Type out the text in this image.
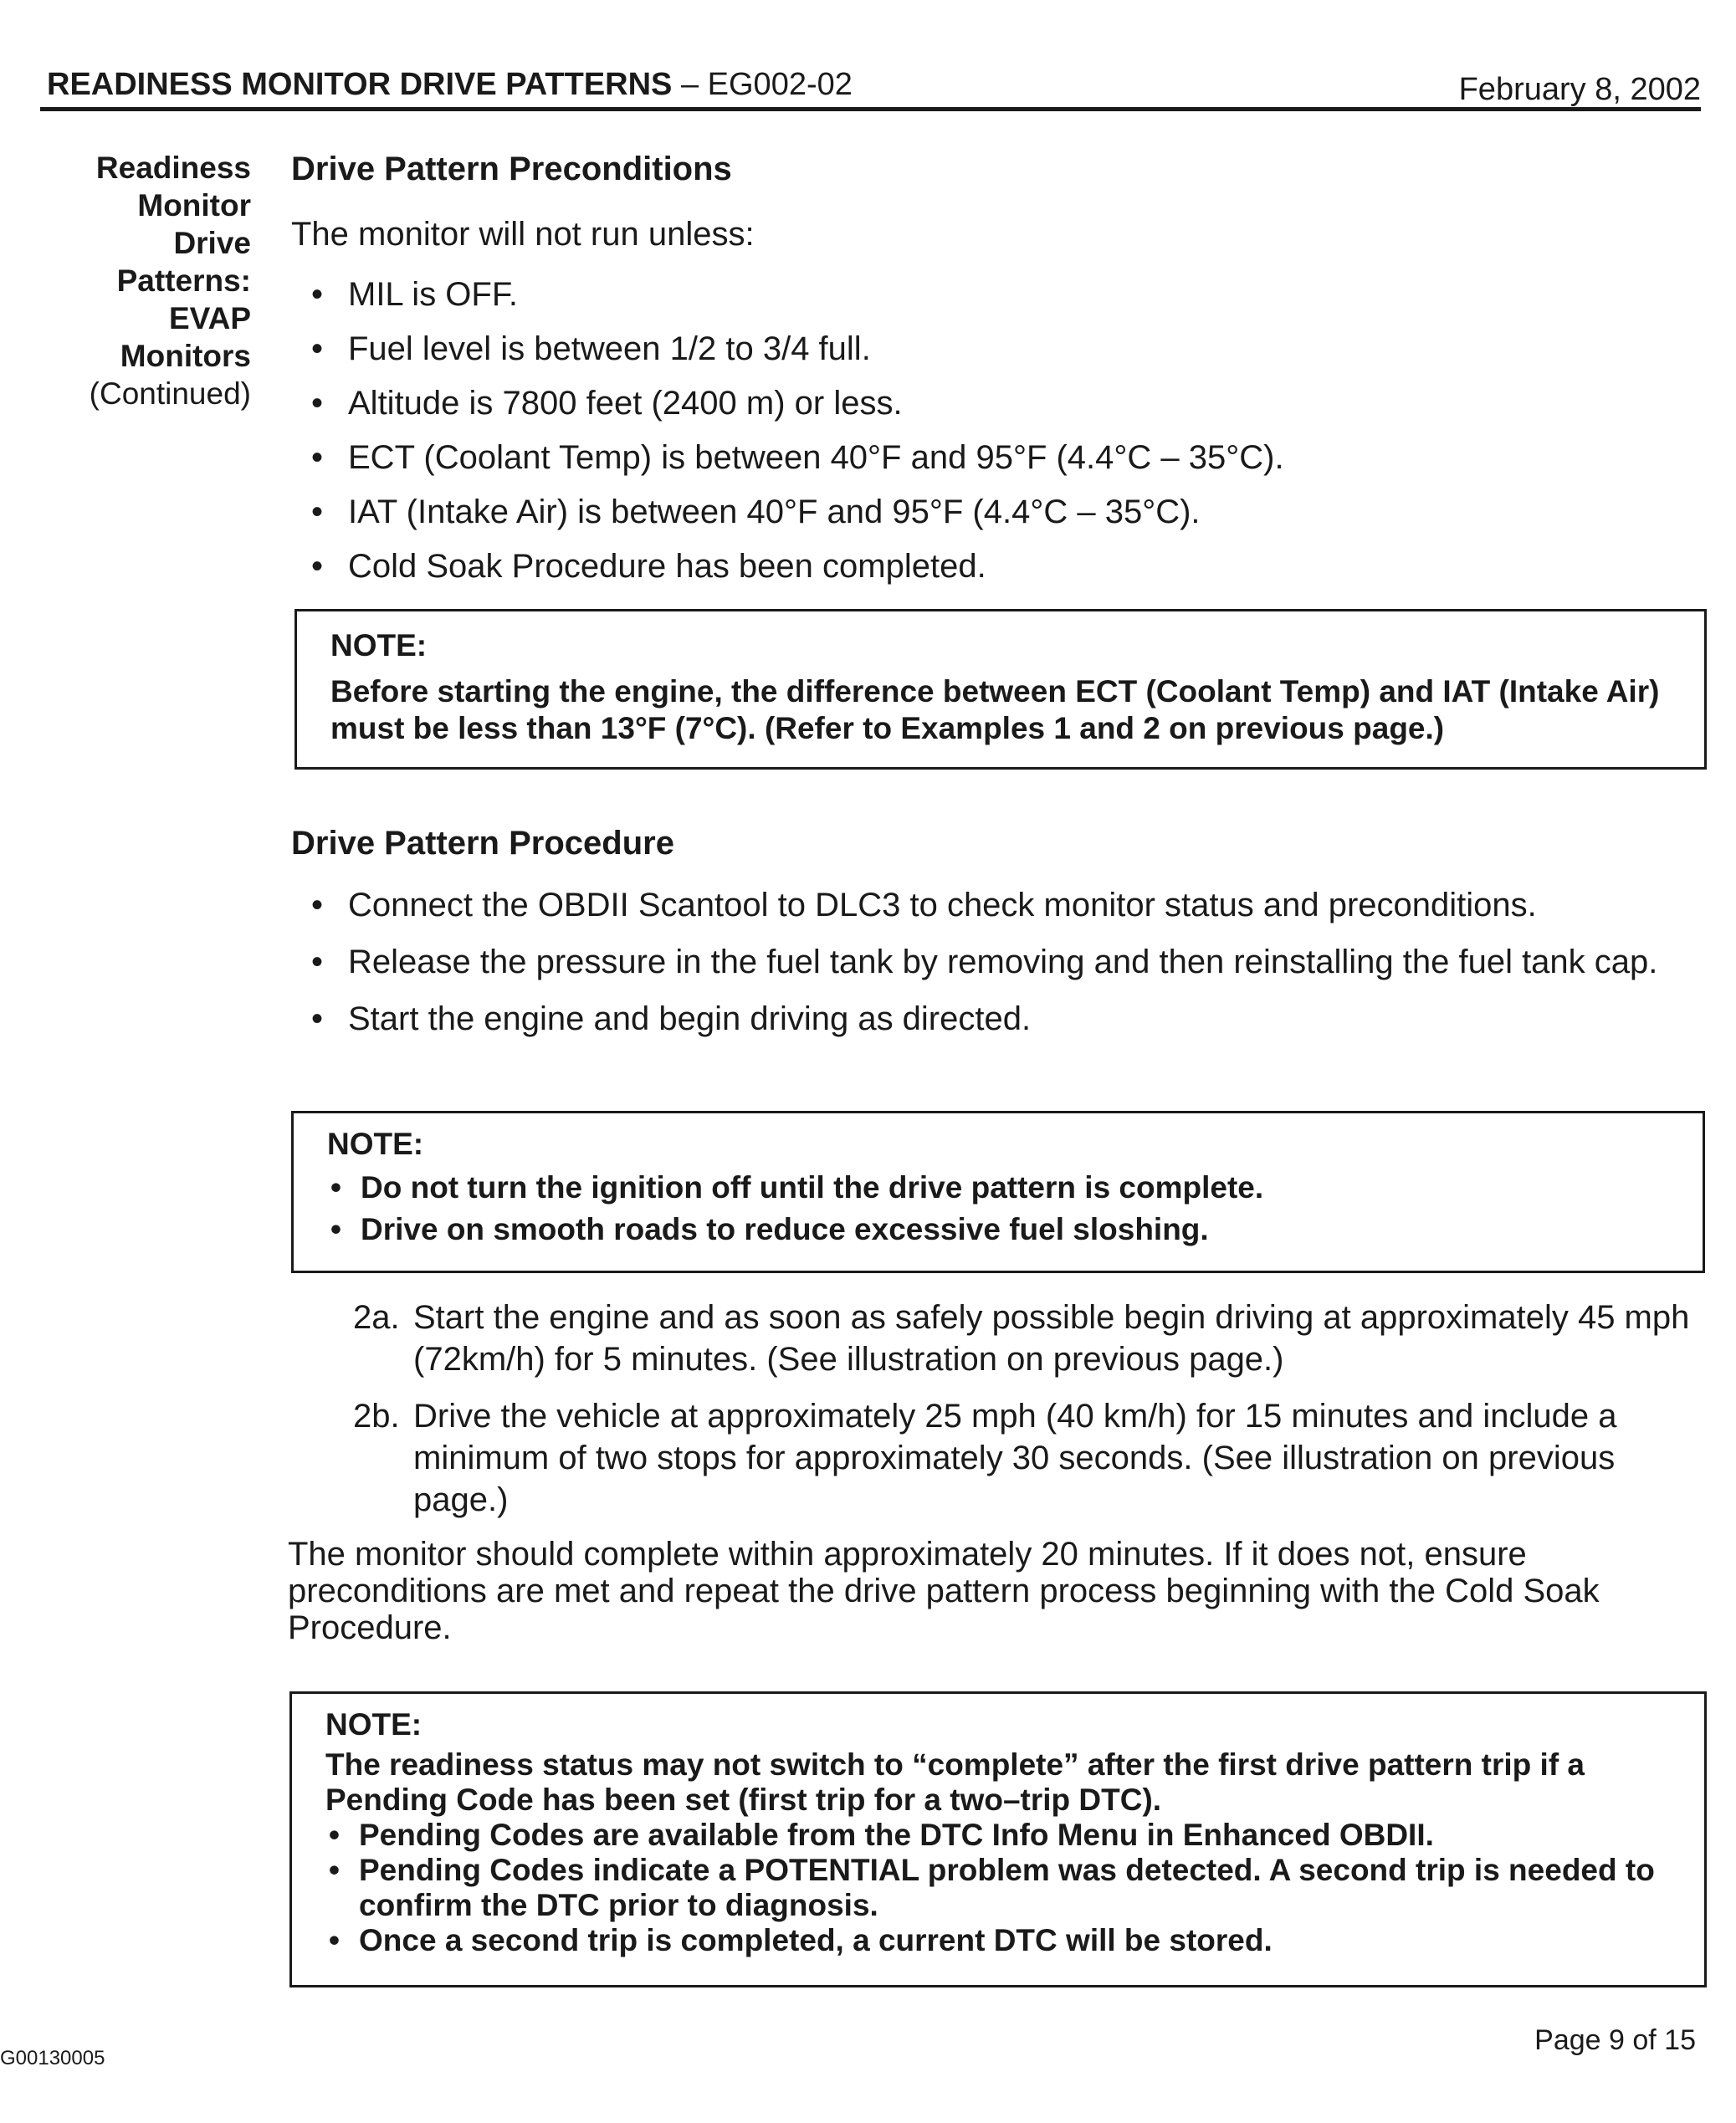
READINESS MONITOR DRIVE PATTERNS – EG002-02	February 8, 2002
Readiness
Monitor
Drive
Patterns:
EVAP
Monitors
(Continued)
Drive Pattern Preconditions
The monitor will not run unless:
• MIL is OFF.
• Fuel level is between 1/2 to 3/4 full.
• Altitude is 7800 feet (2400 m) or less.
• ECT (Coolant Temp) is between 40°F and 95°F (4.4°C – 35°C).
• IAT (Intake Air) is between 40°F and 95°F (4.4°C – 35°C).
• Cold Soak Procedure has been completed.
NOTE:
Before starting the engine, the difference between ECT (Coolant Temp) and IAT (Intake Air) must be less than 13°F (7°C). (Refer to Examples 1 and 2 on previous page.)
Drive Pattern Procedure
• Connect the OBDII Scantool to DLC3 to check monitor status and preconditions.
• Release the pressure in the fuel tank by removing and then reinstalling the fuel tank cap.
• Start the engine and begin driving as directed.
NOTE:
• Do not turn the ignition off until the drive pattern is complete.
• Drive on smooth roads to reduce excessive fuel sloshing.
2a. Start the engine and as soon as safely possible begin driving at approximately 45 mph (72km/h) for 5 minutes. (See illustration on previous page.)
2b. Drive the vehicle at approximately 25 mph (40 km/h) for 15 minutes and include a minimum of two stops for approximately 30 seconds. (See illustration on previous page.)
The monitor should complete within approximately 20 minutes. If it does not, ensure preconditions are met and repeat the drive pattern process beginning with the Cold Soak Procedure.
NOTE:
The readiness status may not switch to “complete” after the first drive pattern trip if a Pending Code has been set (first trip for a two–trip DTC).
• Pending Codes are available from the DTC Info Menu in Enhanced OBDII.
• Pending Codes indicate a POTENTIAL problem was detected. A second trip is needed to confirm the DTC prior to diagnosis.
• Once a second trip is completed, a current DTC will be stored.
G00130005
Page 9 of 15
